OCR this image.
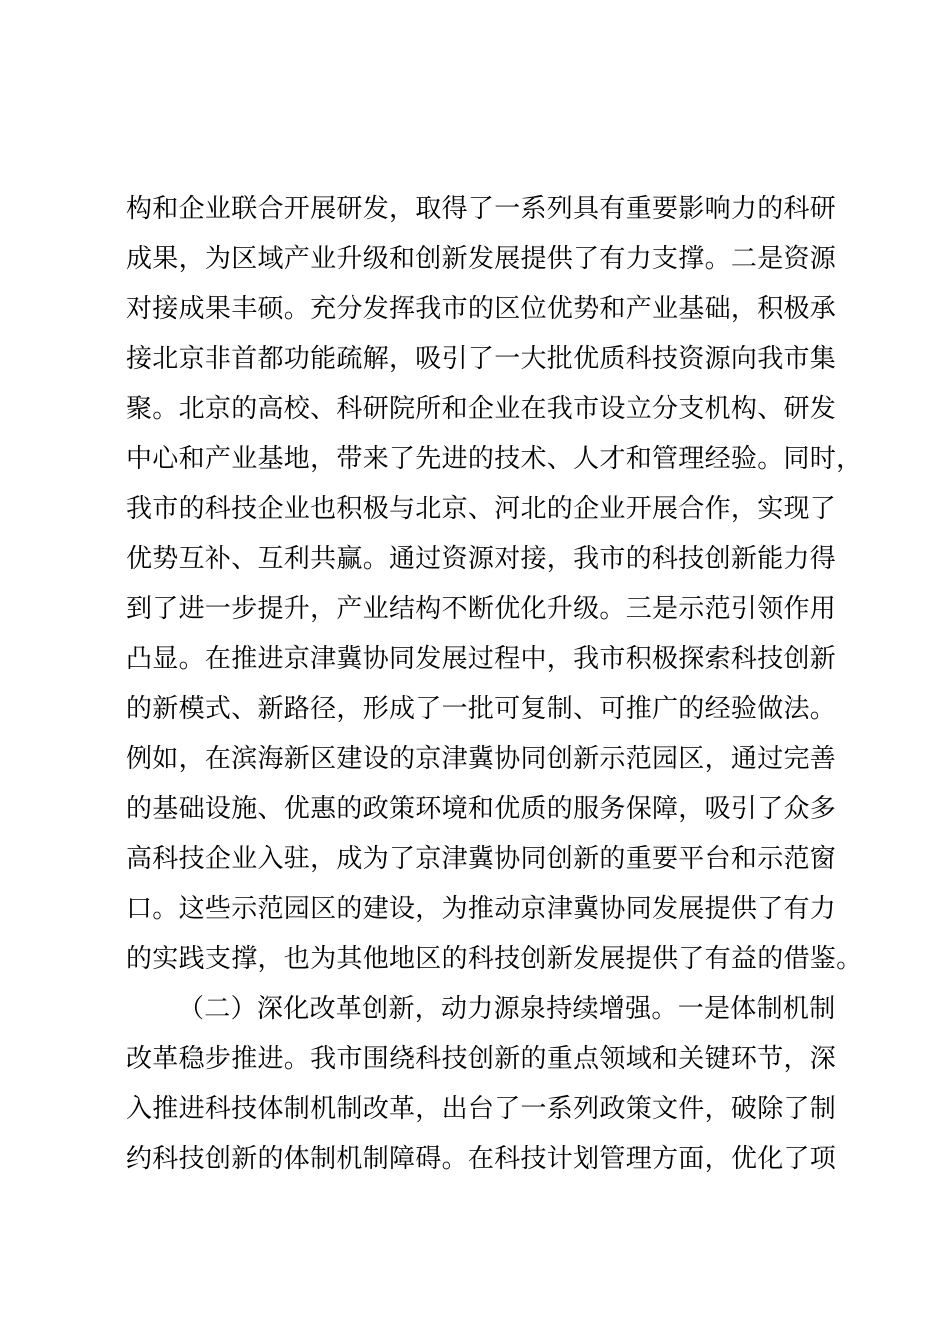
构和企业联合开展研发，取得了一系列具有重要影响力的科研
成果，为区域产业升级和创新发展提供了有力支撑。二是资源
对接成果丰硕。充分发挥我市的区位优势和产业基础，积极承
接北京非首都功能疏解，吸引了一大批优质科技资源向我市集
聚。北京的高校、科研院所和企业在我市设立分支机构、研发
中心和产业基地，带来了先进的技术、人才和管理经验。同时，
我市的科技企业也积极与北京、河北的企业开展合作，实现了
优势互补、互利共赢。通过资源对接，我市的科技创新能力得
到了进一步提升，产业结构不断优化升级。三是示范引领作用
凸显。在推进京津冀协同发展过程中，我市积极探索科技创新
的新模式、新路径，形成了一批可复制、可推广的经验做法。
例如，在滨海新区建设的京津冀协同创新示范园区，通过完善
的基础设施、优惠的政策环境和优质的服务保障，吸引了众多
高科技企业入驻，成为了京津冀协同创新的重要平台和示范窗
口。这些示范园区的建设，为推动京津冀协同发展提供了有力
的实践支撑，也为其他地区的科技创新发展提供了有益的借鉴。
（二）深化改革创新，动力源泉持续增强。一是体制机制
改革稳步推进。我市围绕科技创新的重点领域和关键环节，深
入推进科技体制机制改革，出台了一系列政策文件，破除了制
约科技创新的体制机制障碍。在科技计划管理方面，优化了项
